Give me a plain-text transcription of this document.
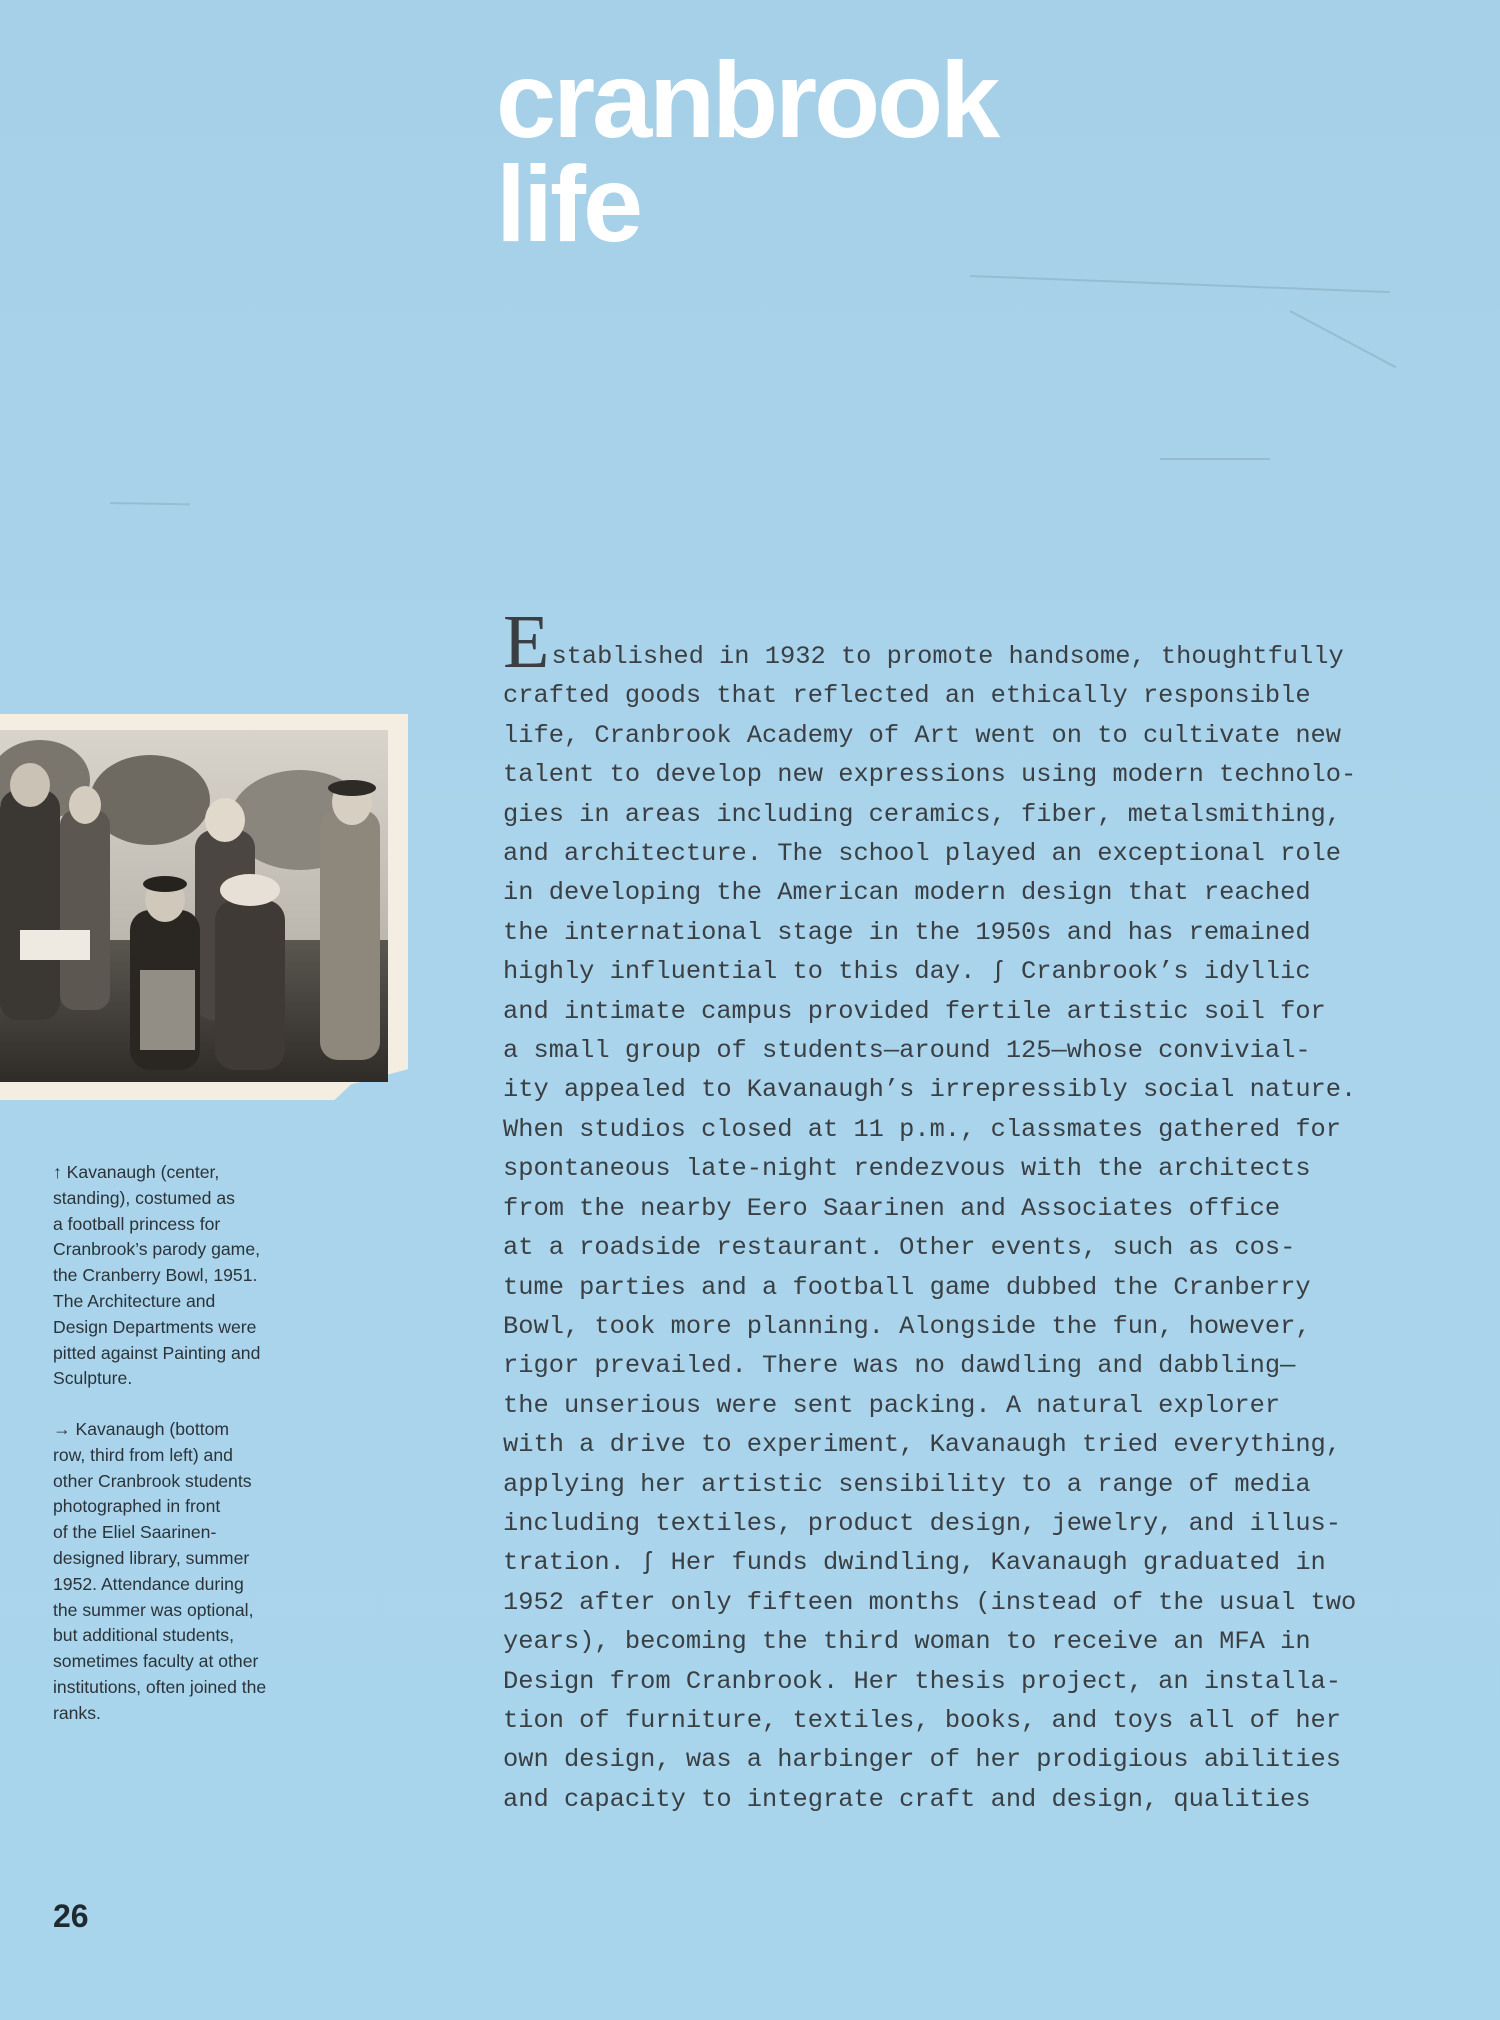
cranbrook
life
Established in 1932 to promote handsome, thoughtfully
crafted goods that reflected an ethically responsible
life, Cranbrook Academy of Art went on to cultivate new
talent to develop new expressions using modern technolo-
gies in areas including ceramics, fiber, metalsmithing,
and architecture. The school played an exceptional role
in developing the American modern design that reached
the international stage in the 1950s and has remained
highly influential to this day. ʃ Cranbrook’s idyllic
and intimate campus provided fertile artistic soil for
a small group of students—around 125—whose convivial-
ity appealed to Kavanaugh’s irrepressibly social nature.
When studios closed at 11 p.m., classmates gathered for
spontaneous late-night rendezvous with the architects
from the nearby Eero Saarinen and Associates office
at a roadside restaurant. Other events, such as cos-
tume parties and a football game dubbed the Cranberry
Bowl, took more planning. Alongside the fun, however,
rigor prevailed. There was no dawdling and dabbling—
the unserious were sent packing. A natural explorer
with a drive to experiment, Kavanaugh tried everything,
applying her artistic sensibility to a range of media
including textiles, product design, jewelry, and illus-
tration. ʃ Her funds dwindling, Kavanaugh graduated in
1952 after only fifteen months (instead of the usual two
years), becoming the third woman to receive an MFA in
Design from Cranbrook. Her thesis project, an installa-
tion of furniture, textiles, books, and toys all of her
own design, was a harbinger of her prodigious abilities
and capacity to integrate craft and design, qualities
↑ Kavanaugh (center,
standing), costumed as
a football princess for
Cranbrook’s parody game,
the Cranberry Bowl, 1951.
The Architecture and
Design Departments were
pitted against Painting and
Sculpture.
→ Kavanaugh (bottom
row, third from left) and
other Cranbrook students
photographed in front
of the Eliel Saarinen-
designed library, summer
1952. Attendance during
the summer was optional,
but additional students,
sometimes faculty at other
institutions, often joined the
ranks.
26
